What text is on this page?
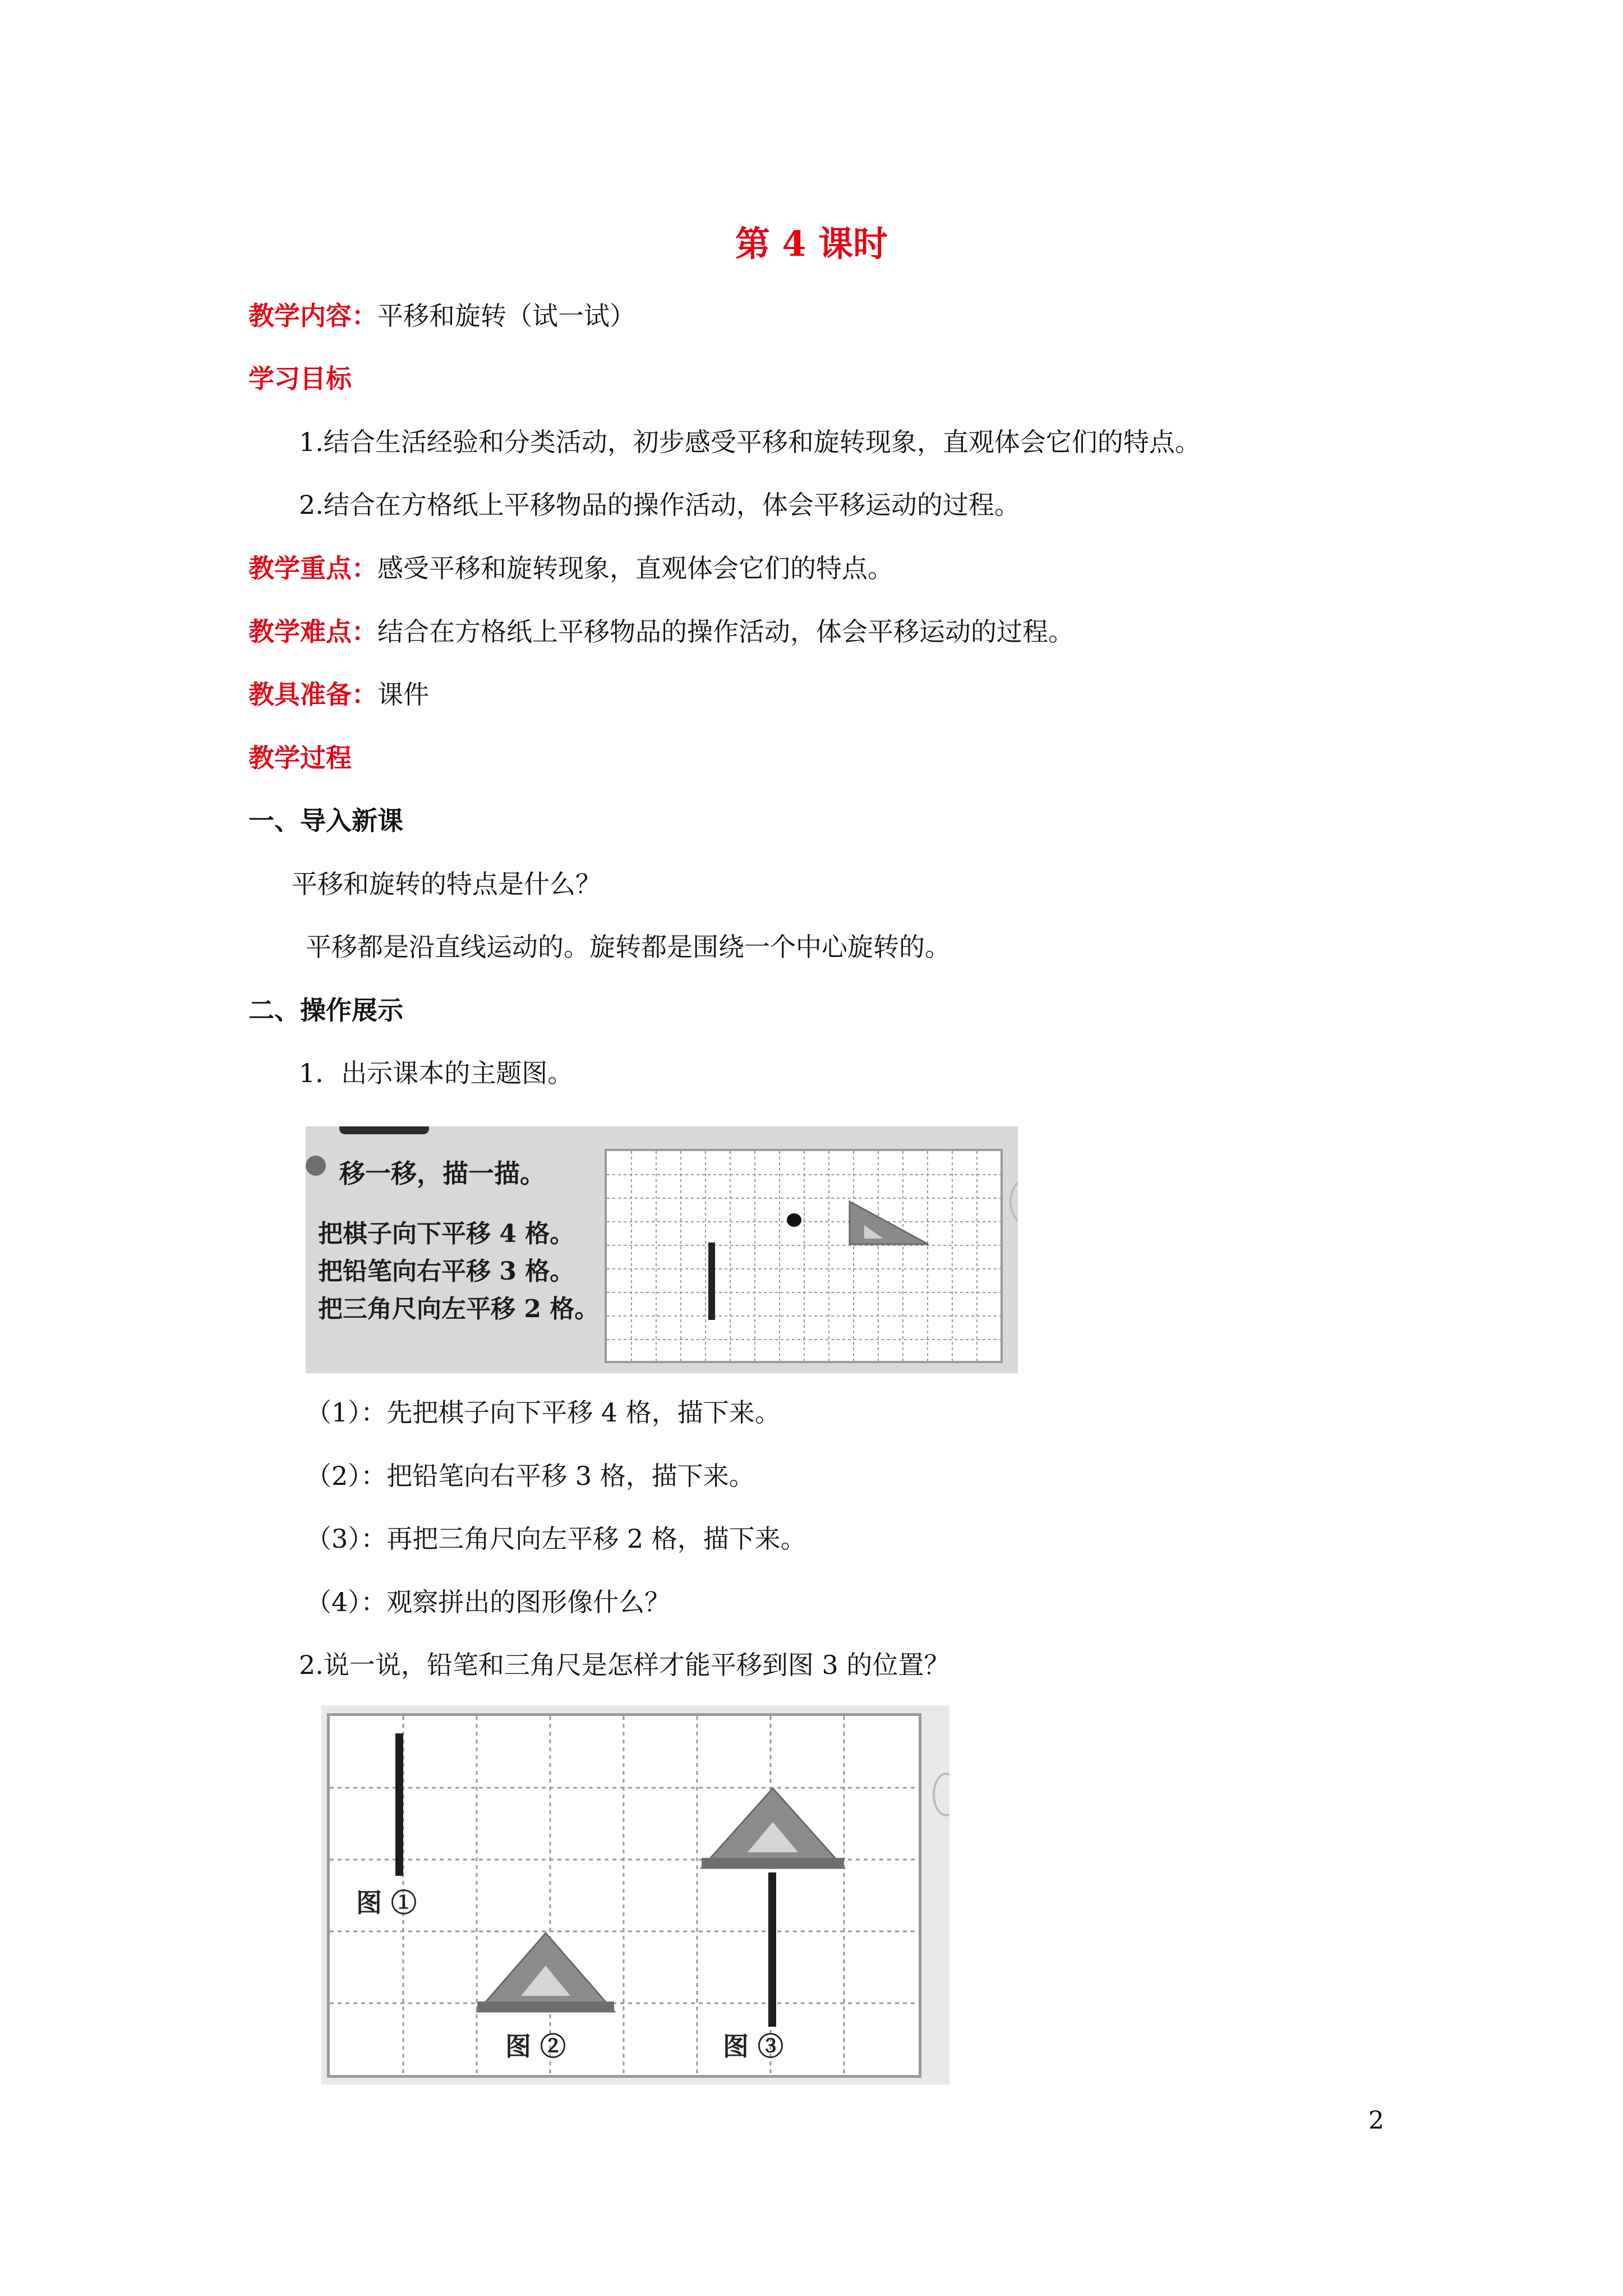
第 4 课时
教学内容：平移和旋转（试一试）
学习目标
1.结合生活经验和分类活动，初步感受平移和旋转现象，直观体会它们的特点。
2.结合在方格纸上平移物品的操作活动，体会平移运动的过程。
教学重点：感受平移和旋转现象，直观体会它们的特点。
教学难点：结合在方格纸上平移物品的操作活动，体会平移运动的过程。
教具准备：课件
教学过程
一、导入新课
平移和旋转的特点是什么？
平移都是沿直线运动的。旋转都是围绕一个中心旋转的。
二、操作展示
1．出示课本的主题图。
移一移，描一描。
把棋子向下平移 4 格。
把铅笔向右平移 3 格。
把三角尺向左平移 2 格。
（1）：先把棋子向下平移 4 格，描下来。
（2）：把铅笔向右平移 3 格，描下来。
（3）：再把三角尺向左平移 2 格，描下来。
（4）：观察拼出的图形像什么？
2.说一说，铅笔和三角尺是怎样才能平移到图 3 的位置？
图 ①
图 ②	图 ③
2
